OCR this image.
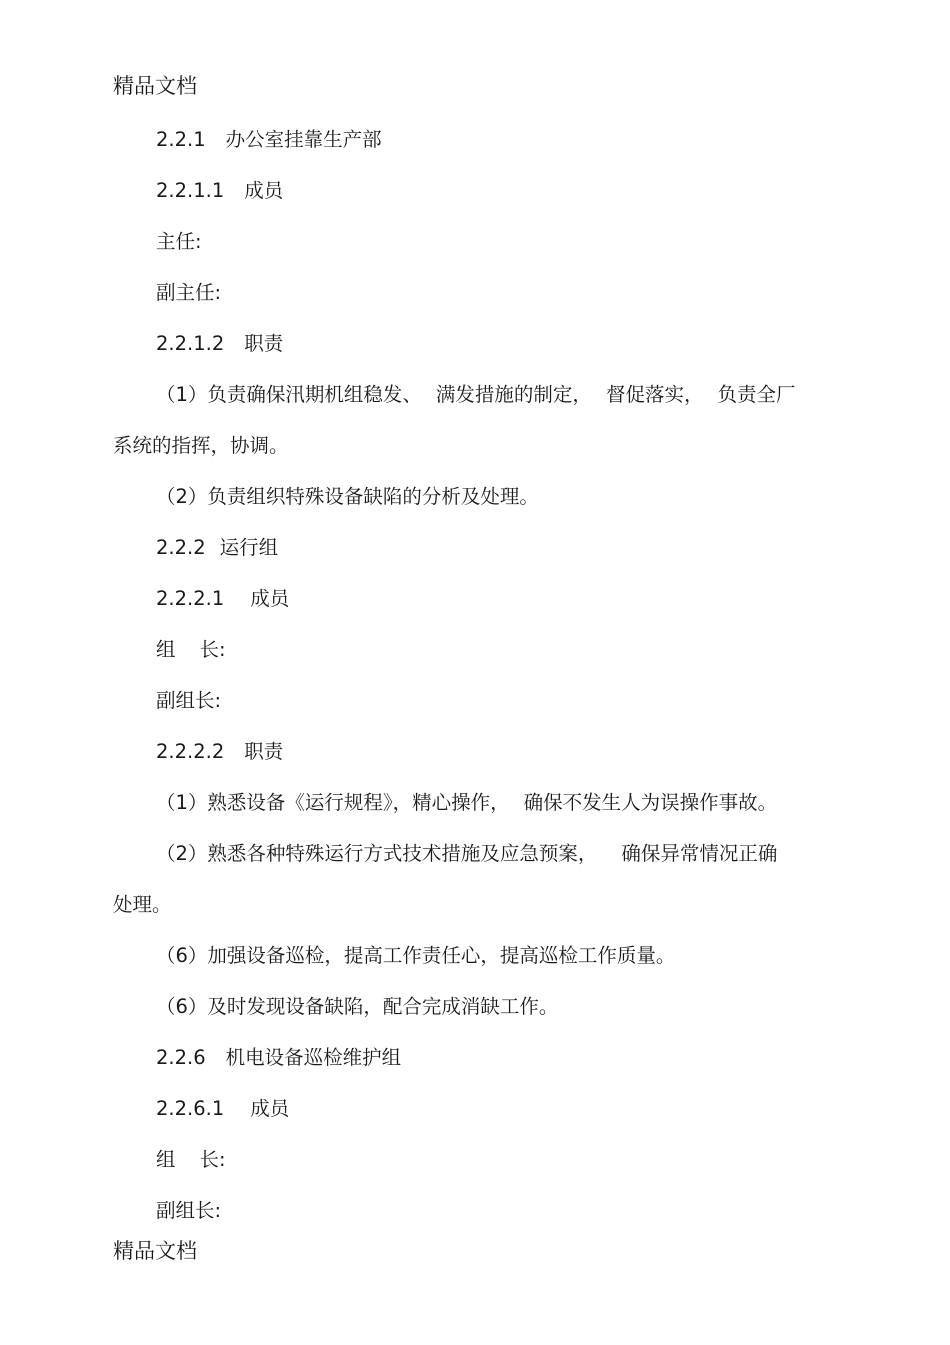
精品文档
2.2.1 办公室挂靠生产部
2.2.1.1 成员
主任:
副主任:
2.2.1.2 职责
（1）负责确保汛期机组稳发、 满发措施的制定， 督促落实， 负责全厂
系统的指挥，协调。
（2）负责组织特殊设备缺陷的分析及处理。
2.2.2 运行组
2.2.2.1 成员
组 长:
副组长:
2.2.2.2 职责
（1）熟悉设备《运行规程》，精心操作， 确保不发生人为误操作事故。
（2）熟悉各种特殊运行方式技术措施及应急预案， 确保异常情况正确
处理。
（6）加强设备巡检，提高工作责任心，提高巡检工作质量。
（6）及时发现设备缺陷，配合完成消缺工作。
2.2.6 机电设备巡检维护组
2.2.6.1 成员
组 长:
副组长:
精品文档
